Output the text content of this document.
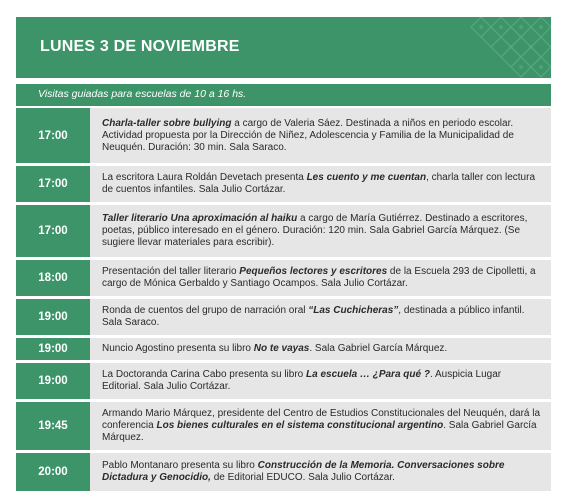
LUNES 3 DE NOVIEMBRE
Visitas guiadas para escuelas de 10 a 16 hs.
17:00
Charla-taller sobre bullying a cargo de Valeria Sáez. Destinada a niños en periodo escolar. Actividad propuesta por la Dirección de Niñez, Adolescencia y Familia de la Municipalidad de Neuquén. Duración: 30 min. Sala Saraco.
17:00
La escritora Laura Roldán Devetach presenta Les cuento y me cuentan, charla taller con lectura de cuentos infantiles. Sala Julio Cortázar.
17:00
Taller literario Una aproximación al haiku a cargo de María Gutiérrez. Destinado a escritores, poetas, público interesado en el género. Duración: 120 min. Sala Gabriel García Márquez. (Se sugiere llevar materiales para escribir).
18:00
Presentación del taller literario Pequeños lectores y escritores de la Escuela 293 de Cipolletti, a cargo de Mónica Gerbaldo y Santiago Ocampos. Sala Julio Cortázar.
19:00
Ronda de cuentos del grupo de narración oral “Las Cuchicheras”, destinada a público infantil. Sala Saraco.
19:00	Nuncio Agostino presenta su libro No te vayas. Sala Gabriel García Márquez.
19:00
La Doctoranda Carina Cabo presenta su libro La escuela … ¿Para qué ?. Auspicia Lugar Editorial. Sala Julio Cortázar.
19:45
Armando Mario Márquez, presidente del Centro de Estudios Constitucionales del Neuquén, dará la conferencia Los bienes culturales en el sistema constitucional argentino. Sala Gabriel García Márquez.
20:00
Pablo Montanaro presenta su libro Construcción de la Memoria. Conversaciones sobre Dictadura y Genocidio, de Editorial EDUCO. Sala Julio Cortázar.
